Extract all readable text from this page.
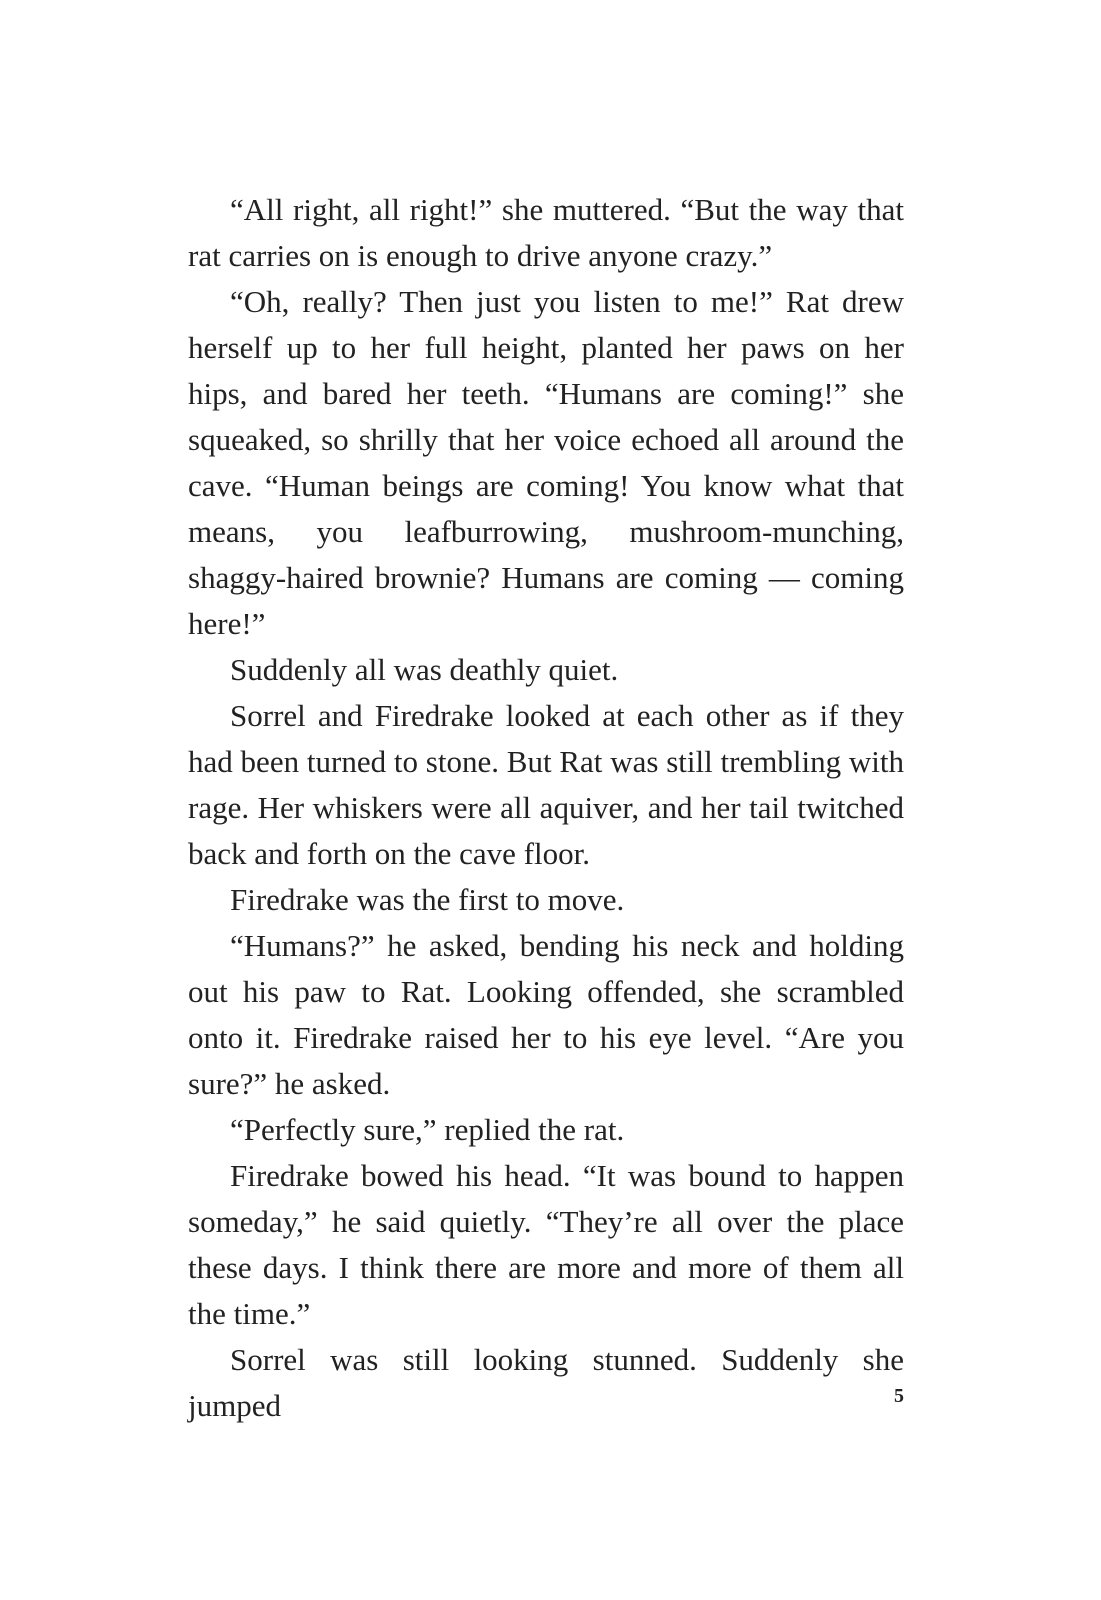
“All right, all right!” she muttered. “But the way that rat carries on is enough to drive anyone crazy.”

“Oh, really? Then just you listen to me!” Rat drew herself up to her full height, planted her paws on her hips, and bared her teeth. “Humans are coming!” she squeaked, so shrilly that her voice echoed all around the cave. “Human beings are coming! You know what that means, you leafburrowing, mushroom-munching, shaggy-haired brownie? Humans are coming — coming here!”

Suddenly all was deathly quiet.

Sorrel and Firedrake looked at each other as if they had been turned to stone. But Rat was still trembling with rage. Her whiskers were all aquiver, and her tail twitched back and forth on the cave floor.

Firedrake was the first to move.

“Humans?” he asked, bending his neck and holding out his paw to Rat. Looking offended, she scrambled onto it. Firedrake raised her to his eye level. “Are you sure?” he asked.

“Perfectly sure,” replied the rat.

Firedrake bowed his head. “It was bound to happen someday,” he said quietly. “They’re all over the place these days. I think there are more and more of them all the time.”

Sorrel was still looking stunned. Suddenly she jumped	5
